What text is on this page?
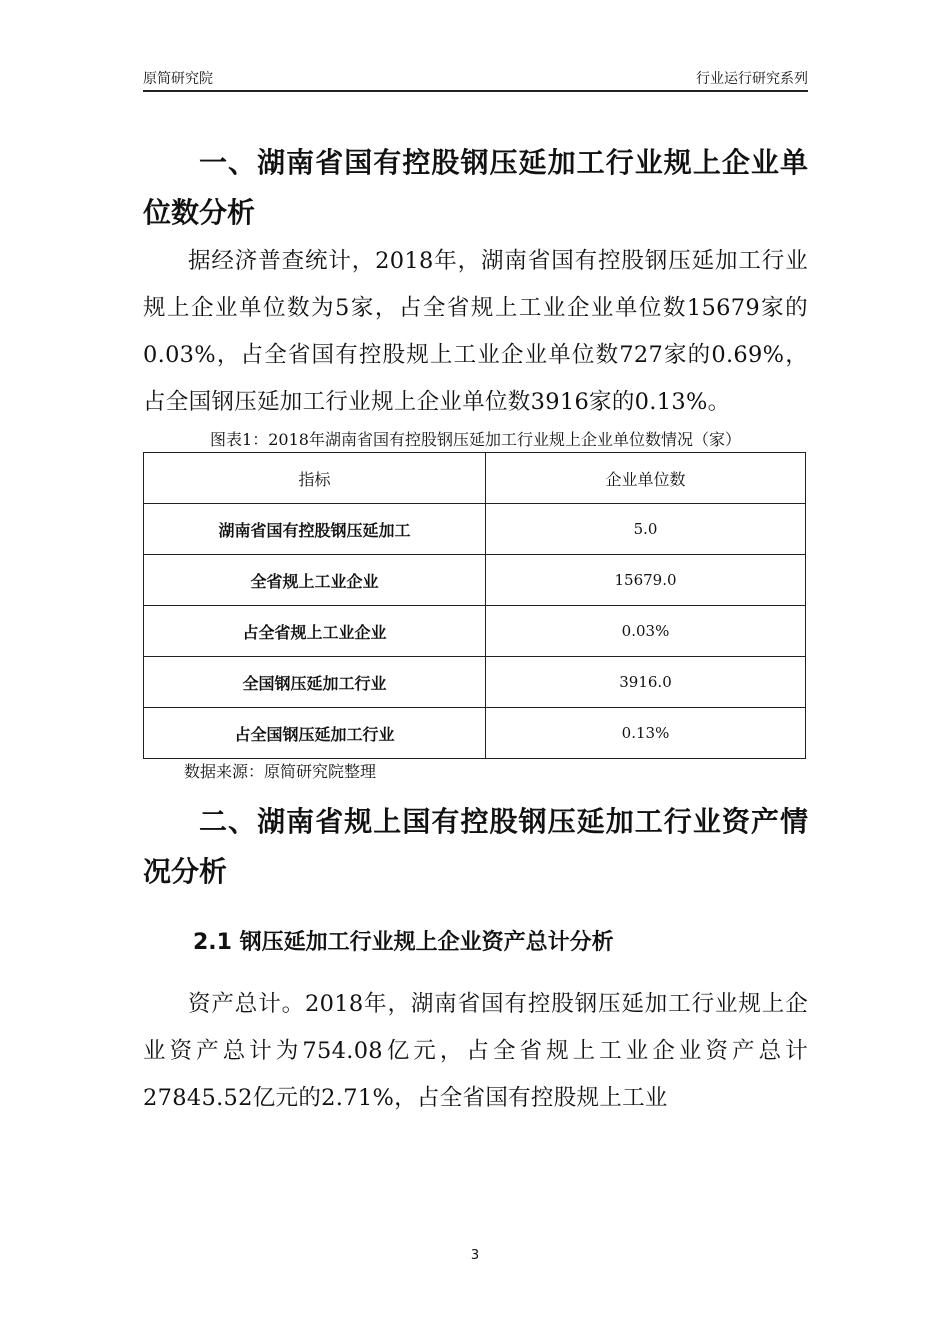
原简研究院	行业运行研究系列
一、湖南省国有控股钢压延加工行业规上企业单位数分析

据经济普查统计，2018年，湖南省国有控股钢压延加工行业规上企业单位数为5家，占全省规上工业企业单位数15679家的0.03%，占全省国有控股规上工业企业单位数727家的0.69%，占全国钢压延加工行业规上企业单位数3916家的0.13%。

图表1：2018年湖南省国有控股钢压延加工行业规上企业单位数情况（家）

指标	企业单位数
湖南省国有控股钢压延加工	5.0
全省规上工业企业	15679.0
占全省规上工业企业	0.03%
全国钢压延加工行业	3916.0
占全国钢压延加工行业	0.13%

数据来源：原简研究院整理

二、湖南省规上国有控股钢压延加工行业资产情况分析
2.1 钢压延加工行业规上企业资产总计分析

资产总计。2018年，湖南省国有控股钢压延加工行业规上企业资产总计为754.08亿元，占全省规上工业企业资产总计27845.52亿元的2.71%，占全省国有控股规上工业

3
